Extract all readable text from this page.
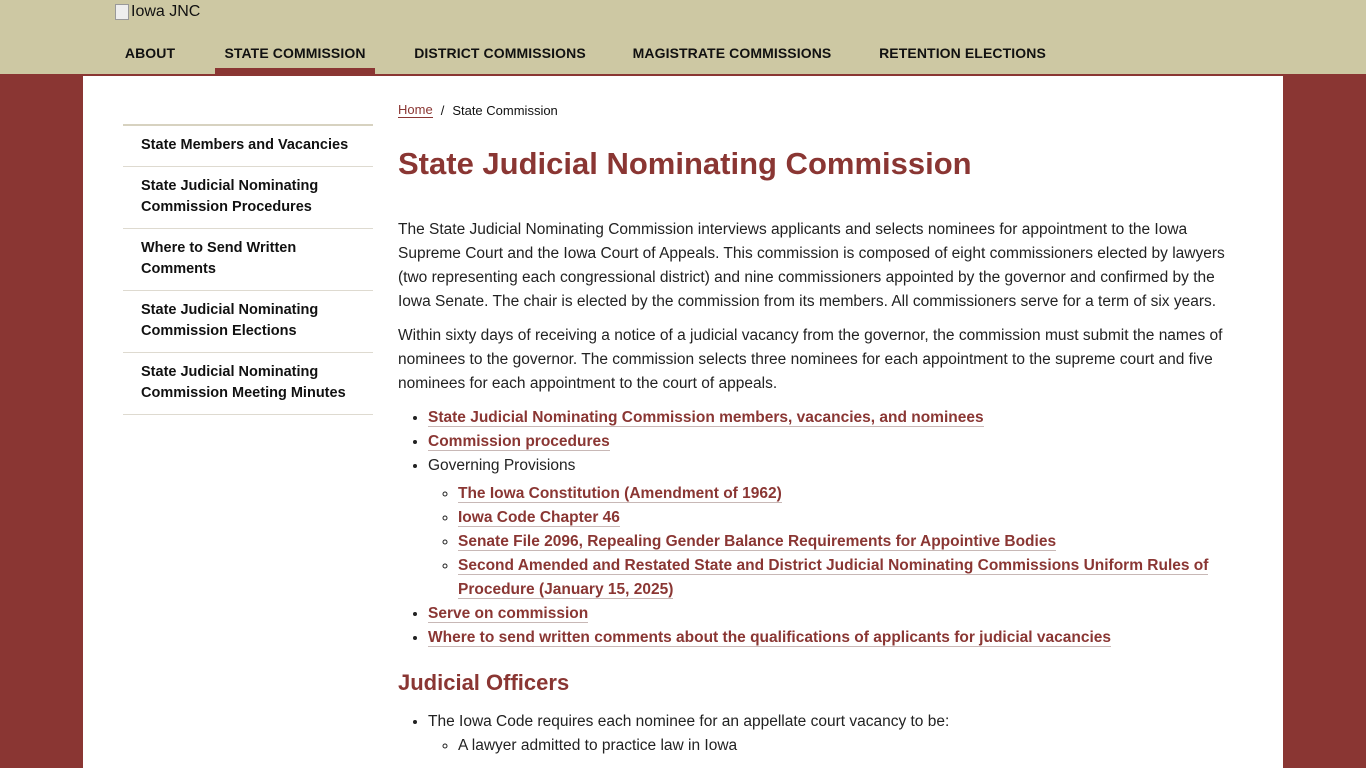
Iowa JNC
ABOUT	STATE COMMISSION	DISTRICT COMMISSIONS	MAGISTRATE COMMISSIONS	RETENTION ELECTIONS
State Members and Vacancies
State Judicial Nominating Commission Procedures
Where to Send Written Comments
State Judicial Nominating Commission Elections
State Judicial Nominating Commission Meeting Minutes
Home / State Commission
State Judicial Nominating Commission

The State Judicial Nominating Commission interviews applicants and selects nominees for appointment to the Iowa Supreme Court and the Iowa Court of Appeals. This commission is composed of eight commissioners elected by lawyers (two representing each congressional district) and nine commissioners appointed by the governor and confirmed by the Iowa Senate. The chair is elected by the commission from its members. All commissioners serve for a term of six years.

Within sixty days of receiving a notice of a judicial vacancy from the governor, the commission must submit the names of nominees to the governor. The commission selects three nominees for each appointment to the supreme court and five nominees for each appointment to the court of appeals.

• State Judicial Nominating Commission members, vacancies, and nominees
• Commission procedures
• Governing Provisions
◦ The Iowa Constitution (Amendment of 1962)
◦ Iowa Code Chapter 46
◦ Senate File 2096, Repealing Gender Balance Requirements for Appointive Bodies
◦ Second Amended and Restated State and District Judicial Nominating Commissions Uniform Rules of Procedure (January 15, 2025)
• Serve on commission
• Where to send written comments about the qualifications of applicants for judicial vacancies
Judicial Officers
• The Iowa Code requires each nominee for an appellate court vacancy to be:
◦ A lawyer admitted to practice law in Iowa
